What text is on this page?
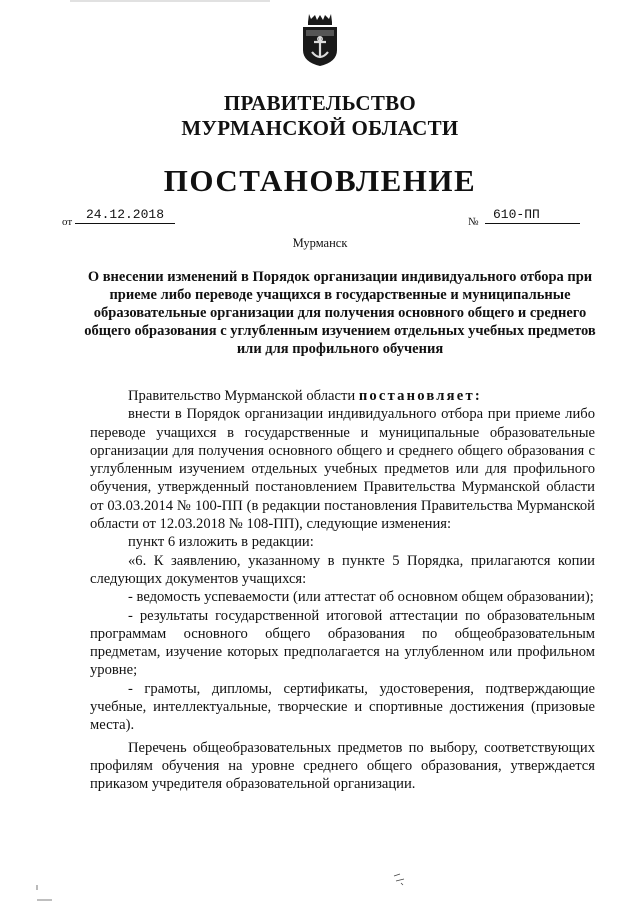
ПРАВИТЕЛЬСТВО
МУРМАНСКОЙ ОБЛАСТИ
ПОСТАНОВЛЕНИЕ
от	24.12.2018	№	610-ПП
Мурманск
О внесении изменений в Порядок организации индивидуального отбора при приеме либо переводе учащихся в государственные и муниципальные образовательные организации для получения основного общего и среднего общего образования с углубленным изучением отдельных учебных предметов или для профильного обучения

Правительство Мурманской области постановляет:

внести в Порядок организации индивидуального отбора при приеме либо переводе учащихся в государственные и муниципальные образовательные организации для получения основного общего и среднего общего образования с углубленным изучением отдельных учебных предметов или для профильного обучения, утвержденный постановлением Правительства Мурманской области от 03.03.2014 № 100-ПП (в редакции постановления Правительства Мурманской области от 12.03.2018 № 108-ПП), следующие изменения:

пункт 6 изложить в редакции:

«6. К заявлению, указанному в пункте 5 Порядка, прилагаются копии следующих документов учащихся:

- ведомость успеваемости (или аттестат об основном общем образовании);

- результаты государственной итоговой аттестации по образовательным программам основного общего образования по общеобразовательным предметам, изучение которых предполагается на углубленном или профильном уровне;

- грамоты, дипломы, сертификаты, удостоверения, подтверждающие учебные, интеллектуальные, творческие и спортивные достижения (призовые места).

Перечень общеобразовательных предметов по выбору, соответствующих профилям обучения на уровне среднего общего образования, утверждается приказом учредителя образовательной организации.
